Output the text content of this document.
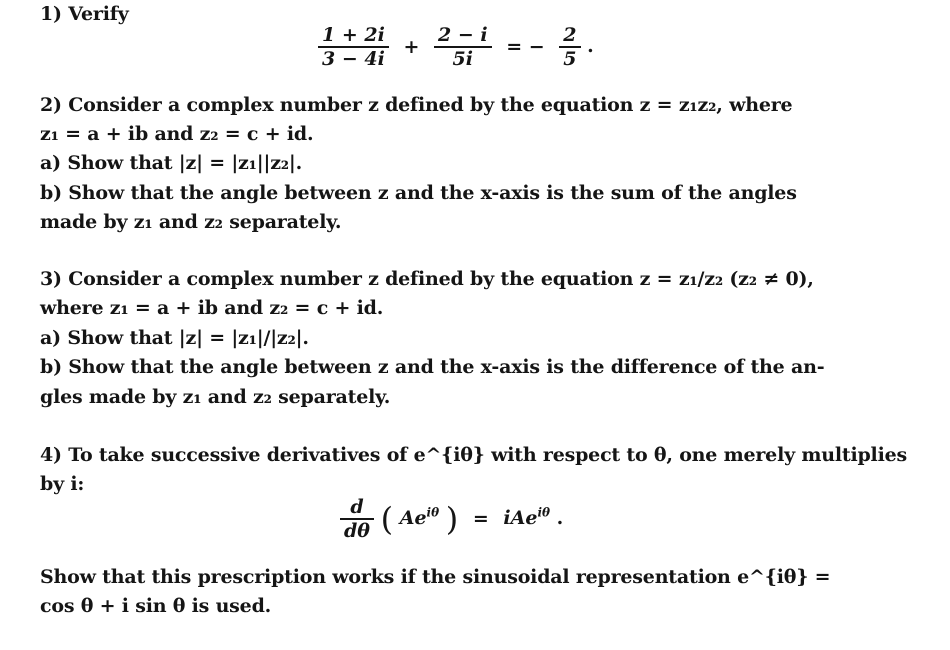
1) Verify
$\frac{1 + 2i}{3 - 4i} + \frac{2 - i}{5i}$ = − $\frac{2}{5}$ .
2) Consider a complex number z defined by the equation z = z₁z₂, where
z₁ = a + ib and z₂ = c + id.
a) Show that |z| = |z₁||z₂|.
b) Show that the angle between z and the x-axis is the sum of the angles
made by z₁ and z₂ separately.
3) Consider a complex number z defined by the equation z = z₁/z₂ (z₂ ≠ 0),
where z₁ = a + ib and z₂ = c + id.
a) Show that |z| = |z₁|/|z₂|.
b) Show that the angle between z and the x-axis is the difference of the an-
gles made by z₁ and z₂ separately.
4) To take successive derivatives of e^{iθ} with respect to θ, one merely multiplies
by i:
$\frac{d}{d\theta}$ ( $Ae^{i\theta}$ ) = iAe$^{i\theta}$ .
Show that this prescription works if the sinusoidal representation e^{iθ} =
cos θ + i sin θ is used.
